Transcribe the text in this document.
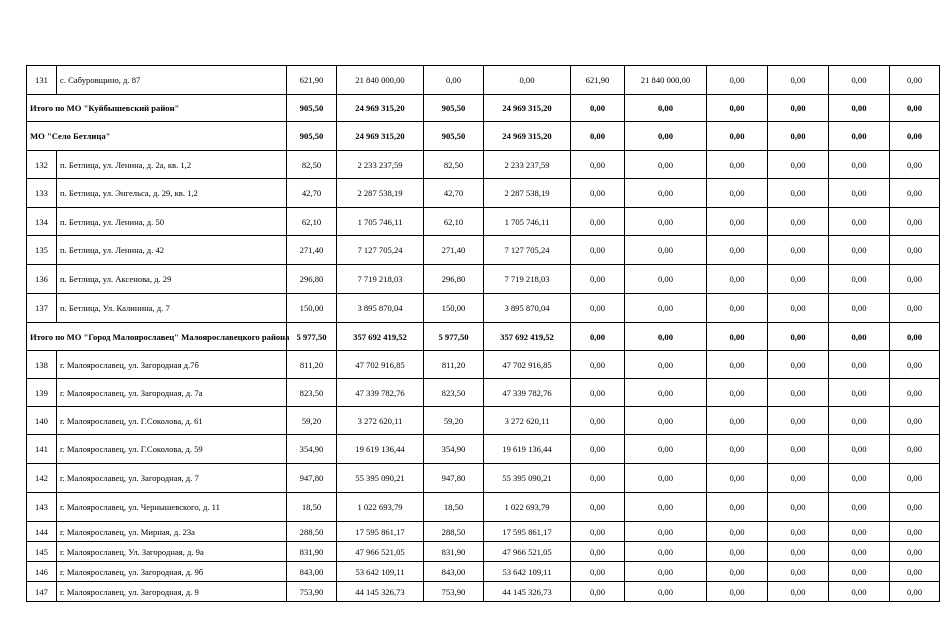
131	с. Сабуровщино, д. 87	621,90	21 840 000,00	0,00	0,00	621,90	21 840 000,00	0,00	0,00	0,00	0,00
Итого по МО "Куйбышевский район"		905,50	24 969 315,20	905,50	24 969 315,20	0,00	0,00	0,00	0,00	0,00	0,00
МО "Село Бетлица"		905,50	24 969 315,20	905,50	24 969 315,20	0,00	0,00	0,00	0,00	0,00	0,00
132	п. Бетлица, ул. Ленина, д. 2а, кв. 1,2	82,50	2 233 237,59	82,50	2 233 237,59	0,00	0,00	0,00	0,00	0,00	0,00
133	п. Бетлица, ул. Энгельса, д. 29, кв. 1,2	42,70	2 287 538,19	42,70	2 287 538,19	0,00	0,00	0,00	0,00	0,00	0,00
134	п. Бетлица, ул. Ленина, д. 50	62,10	1 705 746,11	62,10	1 705 746,11	0,00	0,00	0,00	0,00	0,00	0,00
135	п. Бетлица, ул. Ленина, д. 42	271,40	7 127 705,24	271,40	7 127 705,24	0,00	0,00	0,00	0,00	0,00	0,00
136	п. Бетлица, ул. Аксенова, д. 29	296,80	7 719 218,03	296,80	7 719 218,03	0,00	0,00	0,00	0,00	0,00	0,00
137	п. Бетлица, Ул. Калинина, д. 7	150,00	3 895 870,04	150,00	3 895 870,04	0,00	0,00	0,00	0,00	0,00	0,00
Итого по МО "Город Малоярославец" Малоярославецкого района		5 977,50	357 692 419,52	5 977,50	357 692 419,52	0,00	0,00	0,00	0,00	0,00	0,00
138	г. Малоярославец, ул. Загородная д.7б	811,20	47 702 916,85	811,20	47 702 916,85	0,00	0,00	0,00	0,00	0,00	0,00
139	г. Малоярославец, ул. Загородная, д. 7а	823,50	47 339 782,76	823,50	47 339 782,76	0,00	0,00	0,00	0,00	0,00	0,00
140	г. Малоярославец, ул. Г.Соколова, д. 61	59,20	3 272 620,11	59,20	3 272 620,11	0,00	0,00	0,00	0,00	0,00	0,00
141	г. Малоярославец, ул. Г.Соколова, д. 59	354,90	19 619 136,44	354,90	19 619 136,44	0,00	0,00	0,00	0,00	0,00	0,00
142	г. Малоярославец, ул. Загородная, д. 7	947,80	55 395 090,21	947,80	55 395 090,21	0,00	0,00	0,00	0,00	0,00	0,00
143	г. Малоярославец, ул. Чернышевского, д. 11	18,50	1 022 693,79	18,50	1 022 693,79	0,00	0,00	0,00	0,00	0,00	0,00
144	г. Малоярославец, ул. Мирная, д. 23а	288,50	17 595 861,17	288,50	17 595 861,17	0,00	0,00	0,00	0,00	0,00	0,00
145	г. Малоярославец, Ул. Загородная, д. 9а	831,90	47 966 521,05	831,90	47 966 521,05	0,00	0,00	0,00	0,00	0,00	0,00
146	г. Малоярославец, ул. Загородная, д. 9б	843,00	53 642 109,11	843,00	53 642 109,11	0,00	0,00	0,00	0,00	0,00	0,00
147	г. Малоярославец, ул. Загородная, д. 9	753,90	44 145 326,73	753,90	44 145 326,73	0,00	0,00	0,00	0,00	0,00	0,00
